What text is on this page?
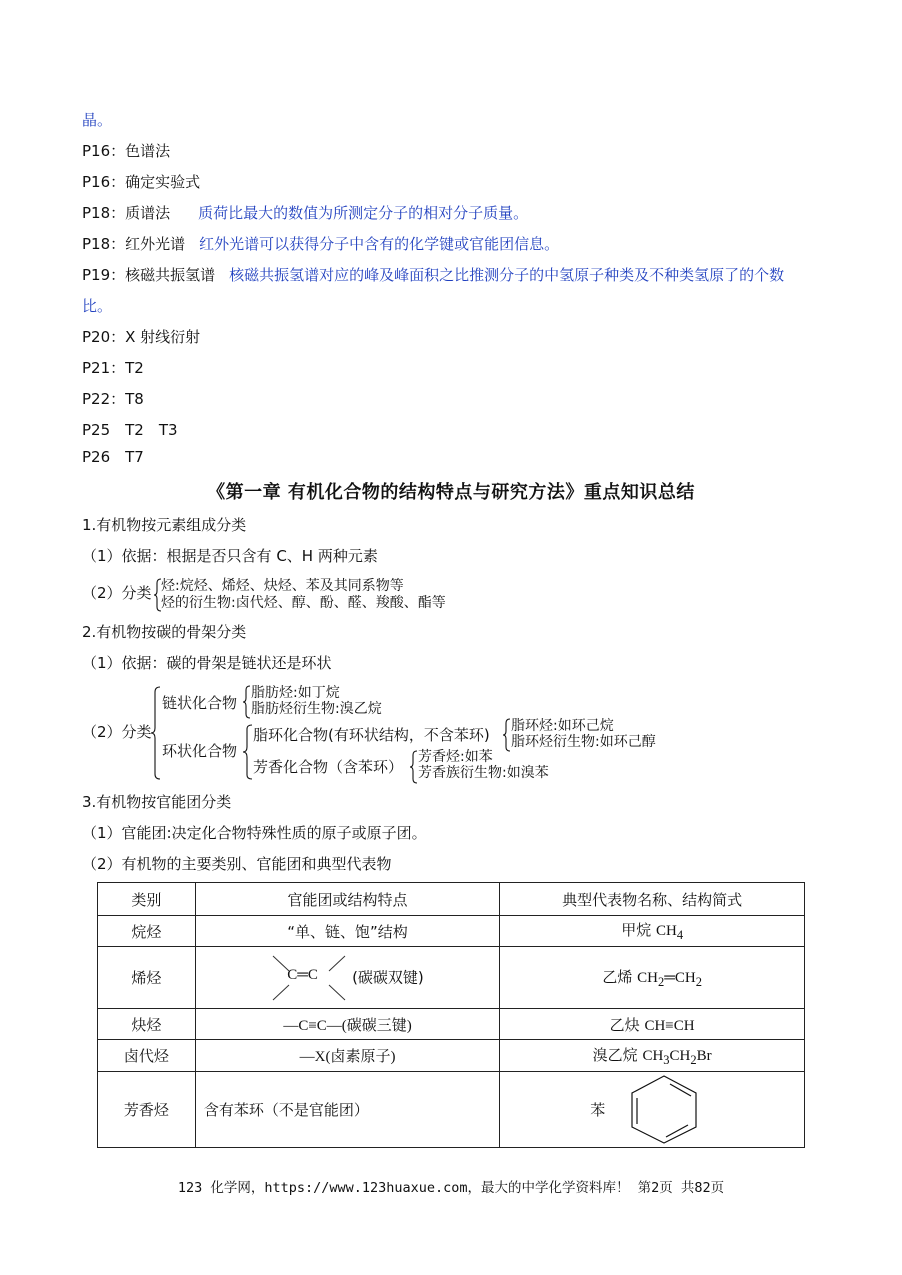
晶。
P16：色谱法
P16：确定实验式
P18：质谱法 质荷比最大的数值为所测定分子的相对分子质量。
P18：红外光谱 红外光谱可以获得分子中含有的化学键或官能团信息。
P19：核磁共振氢谱 核磁共振氢谱对应的峰及峰面积之比推测分子的中氢原子种类及不种类氢原了的个数
比。
P20：X 射线衍射
P21：T2
P22：T8
P25　T2　T3
P26　T7
《第一章 有机化合物的结构特点与研究方法》重点知识总结
1.有机物按元素组成分类
（1）依据：根据是否只含有 C、H 两种元素
（2）分类 烃:烷烃、烯烃、炔烃、苯及其同系物等
烃的衍生物:卤代烃、醇、酚、醛、羧酸、酯等
2.有机物按碳的骨架分类
（1）依据：碳的骨架是链状还是环状
（2）分类
链状化合物
脂肪烃:如丁烷
脂肪烃衍生物:溴乙烷
环状化合物
脂环化合物(有环状结构，不含苯环) 脂环烃:如环己烷
脂环烃衍生物:如环己醇
芳香化合物（含苯环）
芳香烃:如苯
芳香族衍生物:如溴苯
3.有机物按官能团分类
（1）官能团:决定化合物特殊性质的原子或原子团。
（2）有机物的主要类别、官能团和典型代表物
类别	官能团或结构特点	典型代表物名称、结构简式
烷烃	“单、链、饱”结构	甲烷 $CH_4$
烯烃	C═C (碳碳双键)	乙烯 $CH_2═CH_2$
炔烃	—C≡C—(碳碳三键)	乙炔 CH≡CH
卤代烃	—X(卤素原子)	溴乙烷 $CH_3CH_2Br$
芳香烃	含有苯环（不是官能团）	苯
123 化学网，https://www.123huaxue.com，最大的中学化学资料库！ 第2页 共82页
